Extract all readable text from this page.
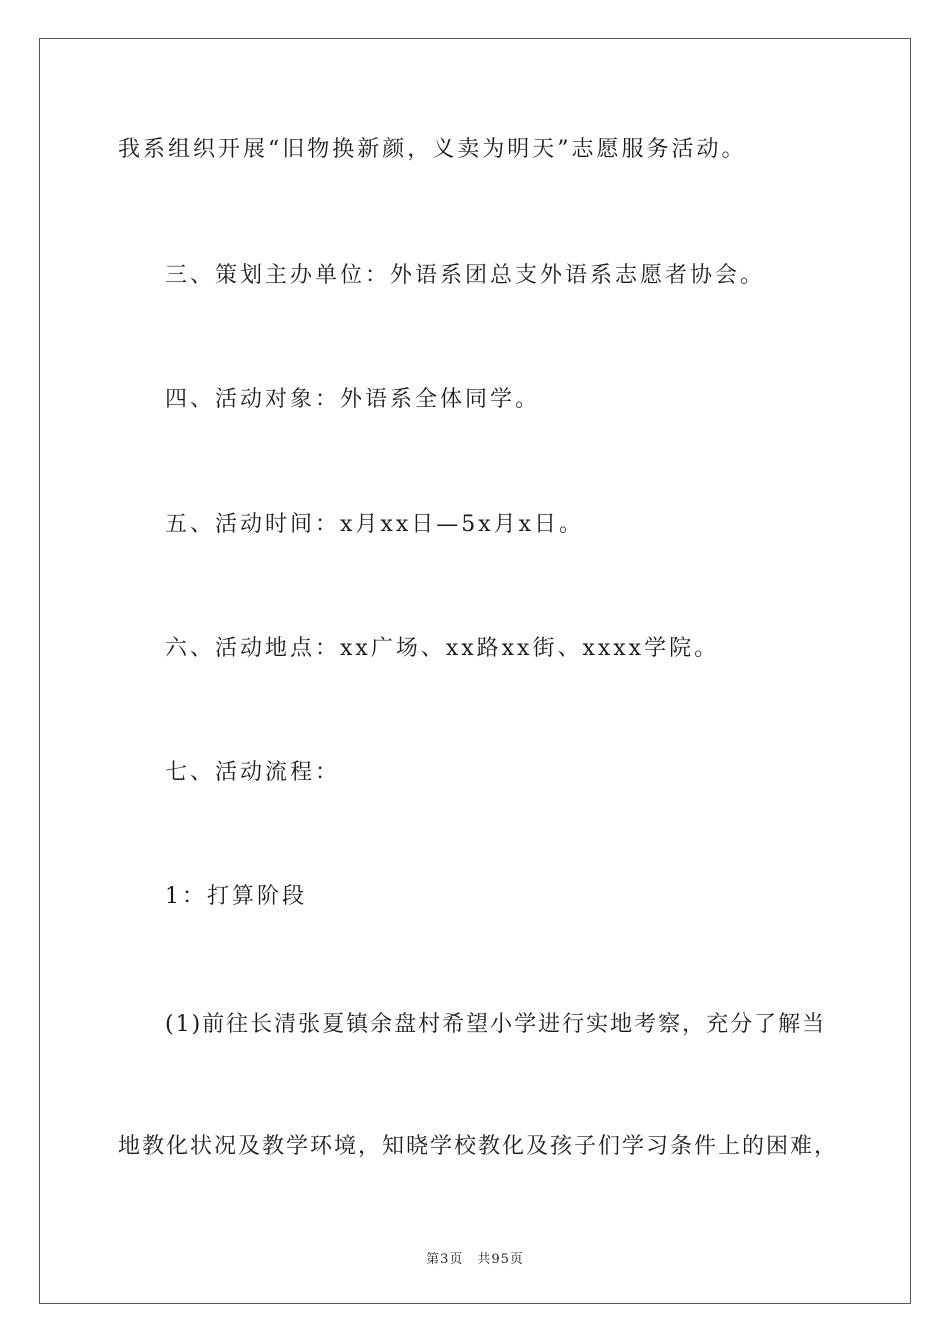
我系组织开展“旧物换新颜，义卖为明天”志愿服务活动。
三、策划主办单位：外语系团总支外语系志愿者协会。
四、活动对象：外语系全体同学。
五、活动时间：x月xx日—5x月x日。
六、活动地点：xx广场、xx路xx街、xxxx学院。
七、活动流程：
1：打算阶段
(1)前往长清张夏镇余盘村希望小学进行实地考察，充分了解当
地教化状况及教学环境，知晓学校教化及孩子们学习条件上的困难，
第3页 共95页
